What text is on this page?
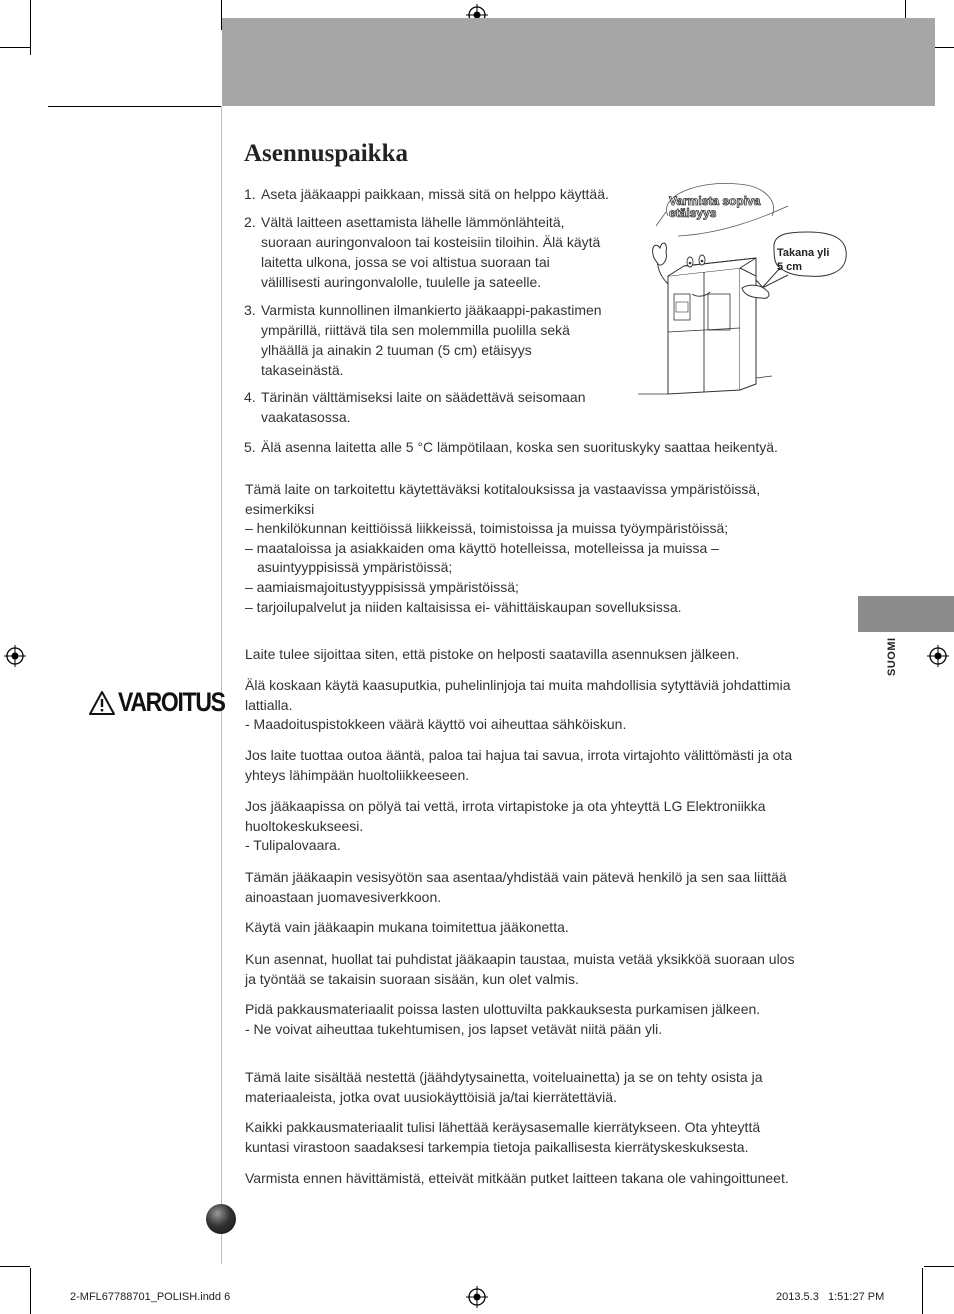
Asennuspaikka
1. Aseta jääkaappi paikkaan, missä sitä on helppo käyttää.
2. Vältä laitteen asettamista lähelle lämmönlähteitä,
suoraan auringonvaloon tai kosteisiin tiloihin. Älä käytä
laitetta ulkona, jossa se voi altistua suoraan tai
välillisesti auringonvalolle, tuulelle ja sateelle.
3. Varmista kunnollinen ilmankierto jääkaappi-pakastimen
ympärillä, riittävä tila sen molemmilla puolilla sekä
ylhäällä ja ainakin 2 tuuman (5 cm) etäisyys
takaseinästä.
4. Tärinän välttämiseksi laite on säädettävä seisomaan
vaakatasossa.
5. Älä asenna laitetta alle 5 °C lämpötilaan, koska sen suorituskyky saattaa heikentyä.
Varmista sopiva
etäisyys
Takana yli
5 cm
Tämä laite on tarkoitettu käytettäväksi kotitalouksissa ja vastaavissa ympäristöissä,
esimerkiksi
– henkilökunnan keittiöissä liikkeissä, toimistoissa ja muissa työympäristöissä;
– maataloissa ja asiakkaiden oma käyttö hotelleissa, motelleissa ja muissa –
asuintyyppisissä ympäristöissä;
– aamiaismajoitustyyppisissä ympäristöissä;
– tarjoilupalvelut ja niiden kaltaisissa ei- vähittäiskaupan sovelluksissa.
SUOMI
VAROITUS
Laite tulee sijoittaa siten, että pistoke on helposti saatavilla asennuksen jälkeen.
Älä koskaan käytä kaasuputkia, puhelinlinjoja tai muita mahdollisia sytyttäviä johdattimia
lattialla.
- Maadoituspistokkeen väärä käyttö voi aiheuttaa sähköiskun.
Jos laite tuottaa outoa ääntä, paloa tai hajua tai savua, irrota virtajohto välittömästi ja ota
yhteys lähimpään huoltoliikkeeseen.
Jos jääkaapissa on pölyä tai vettä, irrota virtapistoke ja ota yhteyttä LG Elektroniikka
huoltokeskukseesi.
- Tulipalovaara.
Tämän jääkaapin vesisyötön saa asentaa/yhdistää vain pätevä henkilö ja sen saa liittää
ainoastaan juomavesiverkkoon.
Käytä vain jääkaapin mukana toimitettua jääkonetta.
Kun asennat, huollat tai puhdistat jääkaapin taustaa, muista vetää yksikköä suoraan ulos
ja työntää se takaisin suoraan sisään, kun olet valmis.
Pidä pakkausmateriaalit poissa lasten ulottuvilta pakkauksesta purkamisen jälkeen.
- Ne voivat aiheuttaa tukehtumisen, jos lapset vetävät niitä pään yli.
Tämä laite sisältää nestettä (jäähdytysainetta, voiteluainetta) ja se on tehty osista ja
materiaaleista, jotka ovat uusiokäyttöisiä ja/tai kierrätettäviä.
Kaikki pakkausmateriaalit tulisi lähettää keräysasemalle kierrätykseen. Ota yhteyttä
kuntasi virastoon saadaksesi tarkempia tietoja paikallisesta kierrätyskeskuksesta.
Varmista ennen hävittämistä, etteivät mitkään putket laitteen takana ole vahingoittuneet.
2-MFL67788701_POLISH.indd 6	2013.5.3   1:51:27 PM
